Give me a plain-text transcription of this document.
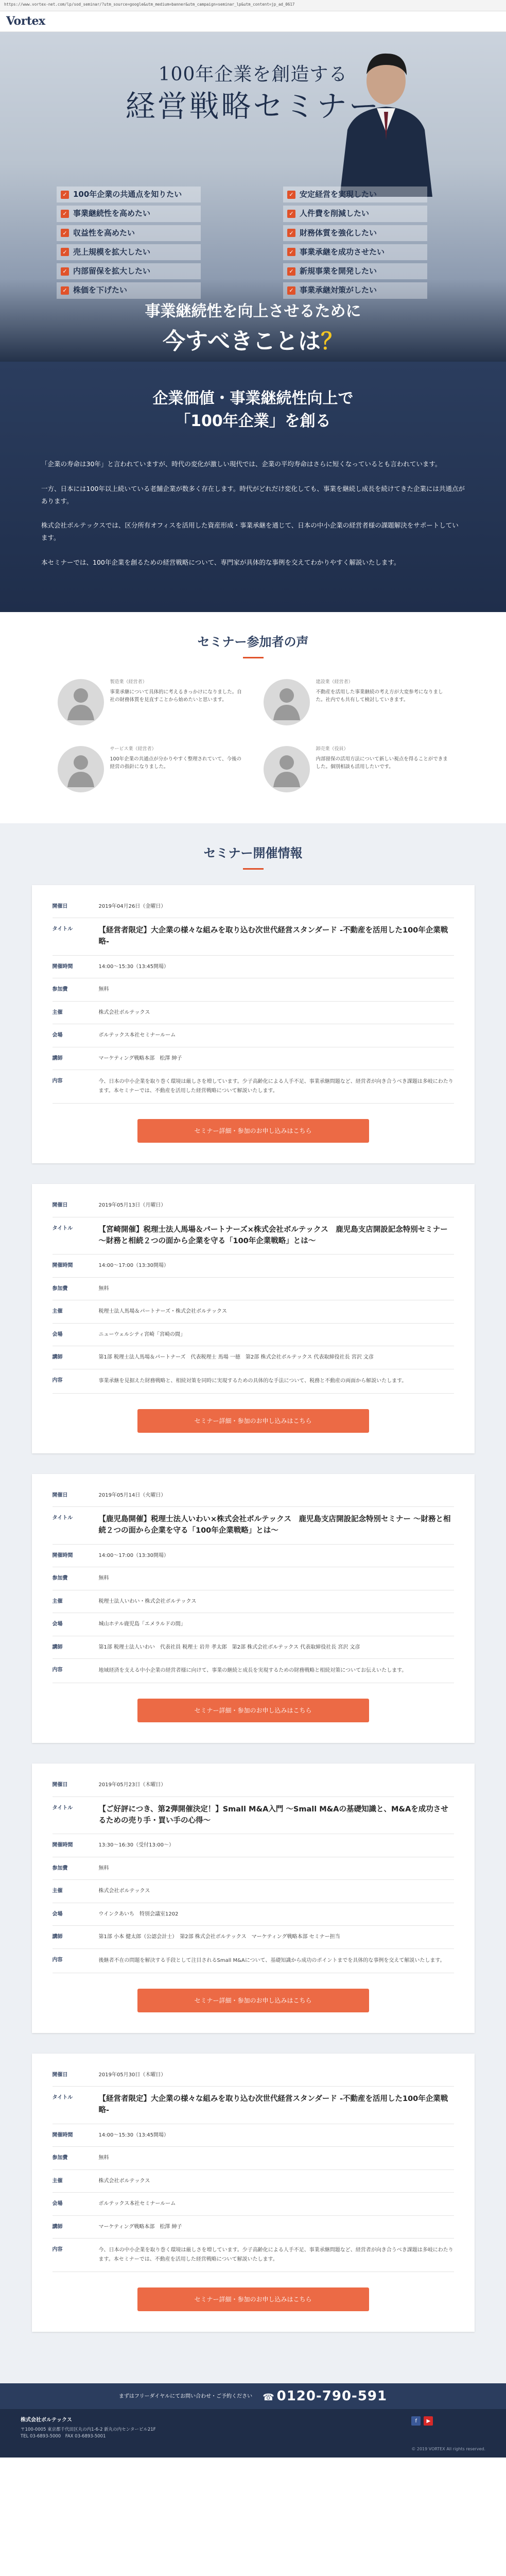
https://www.vortex-net.com/lp/sod_seminar/?utm_source=google&utm_medium=banner&utm_campaign=seminar_lp&utm_content=jp_ad_0617
Vortex
100年企業を創造する
経営戦略セミナー
✓ 100年企業の共通点を知りたい
✓ 事業継続性を高めたい
✓ 収益性を高めたい
✓ 売上規模を拡大したい
✓ 内部留保を拡大したい
✓ 株価を下げたい
✓ 安定経営を実現したい
✓ 人件費を削減したい
✓ 財務体質を強化したい
✓ 事業承継を成功させたい
✓ 新規事業を開発したい
✓ 事業承継対策がしたい
事業継続性を向上させるために
今すべきことは？
企業価値・事業継続性向上で
「100年企業」を創る

「企業の寿命は30年」と言われていますが、時代の変化が激しい現代では、企業の平均寿命はさらに短くなっているとも言われています。

一方、日本には100年以上続いている老舗企業が数多く存在します。時代がどれだけ変化しても、事業を継続し成長を続けてきた企業には共通点があります。

株式会社ボルテックスでは、区分所有オフィスを活用した資産形成・事業承継を通じて、日本の中小企業の経営者様の課題解決をサポートしています。

本セミナーでは、100年企業を創るための経営戦略について、専門家が具体的な事例を交えてわかりやすく解説いたします。

セミナー参加者の声
製造業（経営者）
事業承継について具体的に考えるきっかけになりました。自社の財務体質を見直すことから始めたいと思います。
建設業（経営者）
不動産を活用した事業継続の考え方が大変参考になりました。社内でも共有して検討していきます。
サービス業（経営者）
100年企業の共通点が分かりやすく整理されていて、今後の経営の指針になりました。
卸売業（役員）
内部留保の活用方法について新しい視点を得ることができました。個別相談も活用したいです。
セミナー開催情報
開催日	2019年04月26日（金曜日）
タイトル	【経営者限定】大企業の様々な組みを取り込む次世代経営スタンダード -不動産を活用した100年企業戦略-
開催時間	14:00～15:30（13:45開場）
参加費	無料
主催	株式会社ボルテックス
会場	ボルテックス本社セミナールーム
講師	マーケティング戦略本部　松澤 紳子
内容	今、日本の中小企業を取り巻く環境は厳しさを増しています。少子高齢化による人手不足、事業承継問題など、経営者が向き合うべき課題は多岐にわたります。本セミナーでは、不動産を活用した経営戦略について解説いたします。
セミナー詳細・参加のお申し込みはこちら
開催日	2019年05月13日（月曜日）
タイトル	【宮崎開催】税理士法人馬場＆パートナーズ×株式会社ボルテックス　鹿児島支店開設記念特別セミナー ～財務と相続２つの面から企業を守る「100年企業戦略」とは～
開催時間	14:00～17:00（13:30開場）
参加費	無料
主催	税理士法人馬場＆パートナーズ・株式会社ボルテックス
会場	ニューウェルシティ宮崎「宮崎の間」
講師	第1部 税理士法人馬場＆パートナーズ　代表税理士 馬場 一徳　第2部 株式会社ボルテックス 代表取締役社長 宮沢 文彦
内容	事業承継を見据えた財務戦略と、相続対策を同時に実現するための具体的な手法について、税務と不動産の両面から解説いたします。
セミナー詳細・参加のお申し込みはこちら
開催日	2019年05月14日（火曜日）
タイトル	【鹿児島開催】税理士法人いわい×株式会社ボルテックス　鹿児島支店開設記念特別セミナー ～財務と相続２つの面から企業を守る「100年企業戦略」とは～
開催時間	14:00～17:00（13:30開場）
参加費	無料
主催	税理士法人いわい・株式会社ボルテックス
会場	城山ホテル鹿児島「エメラルドの間」
講師	第1部 税理士法人いわい　代表社員 税理士 岩井 孝太郎　第2部 株式会社ボルテックス 代表取締役社長 宮沢 文彦
内容	地域経済を支える中小企業の経営者様に向けて、事業の継続と成長を実現するための財務戦略と相続対策についてお伝えいたします。
セミナー詳細・参加のお申し込みはこちら
開催日	2019年05月23日（木曜日）
タイトル	【ご好評につき、第2弾開催決定！】Small M&A入門 ～Small M&Aの基礎知識と、M&Aを成功させるための売り手・買い手の心得～
開催時間	13:30～16:30（受付13:00～）
参加費	無料
主催	株式会社ボルテックス
会場	ウインクあいち　特別会議室1202
講師	第1部 小本 健太郎（公認会計士）　第2部 株式会社ボルテックス　マーケティング戦略本部 セミナー担当
内容	後継者不在の問題を解決する手段として注目されるSmall M&Aについて、基礎知識から成功のポイントまでを具体的な事例を交えて解説いたします。
セミナー詳細・参加のお申し込みはこちら
開催日	2019年05月30日（木曜日）
タイトル	【経営者限定】大企業の様々な組みを取り込む次世代経営スタンダード -不動産を活用した100年企業戦略-
開催時間	14:00～15:30（13:45開場）
参加費	無料
主催	株式会社ボルテックス
会場	ボルテックス本社セミナールーム
講師	マーケティング戦略本部　松澤 紳子
内容	今、日本の中小企業を取り巻く環境は厳しさを増しています。少子高齢化による人手不足、事業承継問題など、経営者が向き合うべき課題は多岐にわたります。本セミナーでは、不動産を活用した経営戦略について解説いたします。
セミナー詳細・参加のお申し込みはこちら
まずはフリーダイヤルにてお問い合わせ・ご予約ください ☎ 0120-790-591
株式会社ボルテックス
〒100-0005 東京都千代田区丸の内1-6-2 新丸の内センタービル21F
TEL 03-6893-5000　FAX 03-6893-5001
f	▶
© 2019 VORTEX All rights reserved.
